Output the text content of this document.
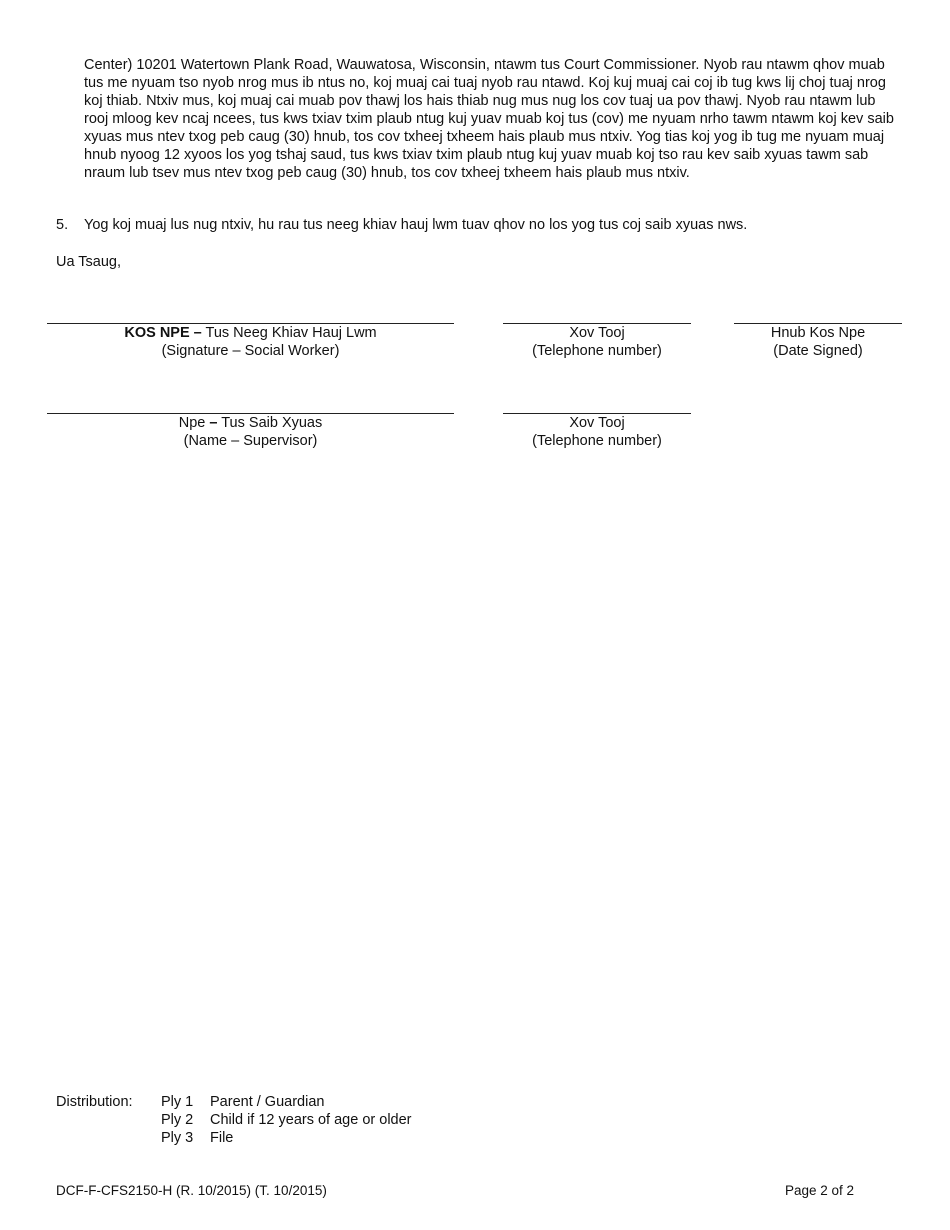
Center) 10201 Watertown Plank Road, Wauwatosa, Wisconsin, ntawm tus Court Commissioner. Nyob rau ntawm qhov muab tus me nyuam tso nyob nrog mus ib ntus no, koj muaj cai tuaj nyob rau ntawd. Koj kuj muaj cai coj ib tug kws lij choj tuaj nrog koj thiab. Ntxiv mus, koj muaj cai muab pov thawj los hais thiab nug mus nug los cov tuaj ua pov thawj. Nyob rau ntawm lub rooj mloog kev ncaj ncees, tus kws txiav txim plaub ntug kuj yuav muab koj tus (cov) me nyuam nrho tawm ntawm koj kev saib xyuas mus ntev txog peb caug (30) hnub, tos cov txheej txheem hais plaub mus ntxiv. Yog tias koj yog ib tug me nyuam muaj hnub nyoog 12 xyoos los yog tshaj saud, tus kws txiav txim plaub ntug kuj yuav muab koj tso rau kev saib xyuas tawm sab nraum lub tsev mus ntev txog peb caug (30) hnub, tos cov txheej txheem hais plaub mus ntxiv.

5. Yog koj muaj lus nug ntxiv, hu rau tus neeg khiav hauj lwm tuav qhov no los yog tus coj saib xyuas nws.
Ua Tsaug,
KOS NPE – Tus Neeg Khiav Hauj Lwm
(Signature – Social Worker)
Xov Tooj
(Telephone number)
Hnub Kos Npe
(Date Signed)
Npe – Tus Saib Xyuas
(Name – Supervisor)
Xov Tooj
(Telephone number)
Distribution:	Ply 1 Parent / Guardian
Ply 2 Child if 12 years of age or older
Ply 3 File
DCF-F-CFS2150-H (R. 10/2015) (T. 10/2015)	Page 2 of 2
